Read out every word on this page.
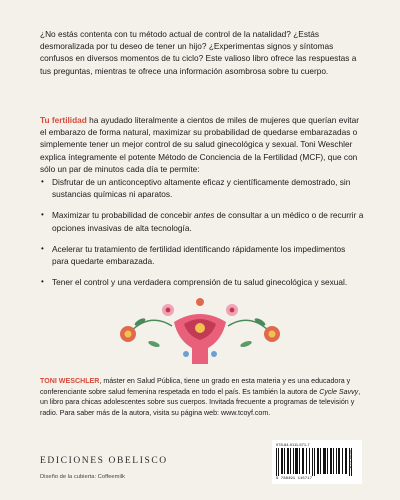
¿No estás contenta con tu método actual de control de la natalidad? ¿Estás desmoralizada por tu deseo de tener un hijo? ¿Experimentas signos y síntomas confusos en diversos momentos de tu ciclo? Este valioso libro ofrece las respuestas a tus preguntas, mientras te ofrece una información asombrosa sobre tu cuerpo.

Tu fertilidad ha ayudado literalmente a cientos de miles de mujeres que querían evitar el embarazo de forma natural, maximizar su probabilidad de quedarse embarazadas o simplemente tener un mejor control de su salud ginecológica y sexual. Toni Weschler explica íntegramente el potente Método de Conciencia de la Fertilidad (MCF), que con sólo un par de minutos cada día te permite:

• Disfrutar de un anticonceptivo altamente eficaz y científicamente demostrado, sin sustancias químicas ni aparatos.
• Maximizar tu probabilidad de concebir antes de consultar a un médico o de recurrir a opciones invasivas de alta tecnología.
• Acelerar tu tratamiento de fertilidad identificando rápidamente los impedimentos para quedarte embarazada.
• Tener el control y una verdadera comprensión de tu salud ginecológica y sexual.

TONI WESCHLER, máster en Salud Pública, tiene un grado en esta materia y es una educadora y conferenciante sobre salud femenina respetada en todo el país. Es también la autora de Cycle Savvy, un libro para chicas adolescentes sobre sus cuerpos. Invitada frecuente a programas de televisión y radio. Para saber más de la autora, visita su página web: www.tcoyf.com.

978-84-9111-571-7
9 788491 115717
PVP 32 €
EDICIONES OBELISCO
Diseño de la cubierta: Coffeemilk
